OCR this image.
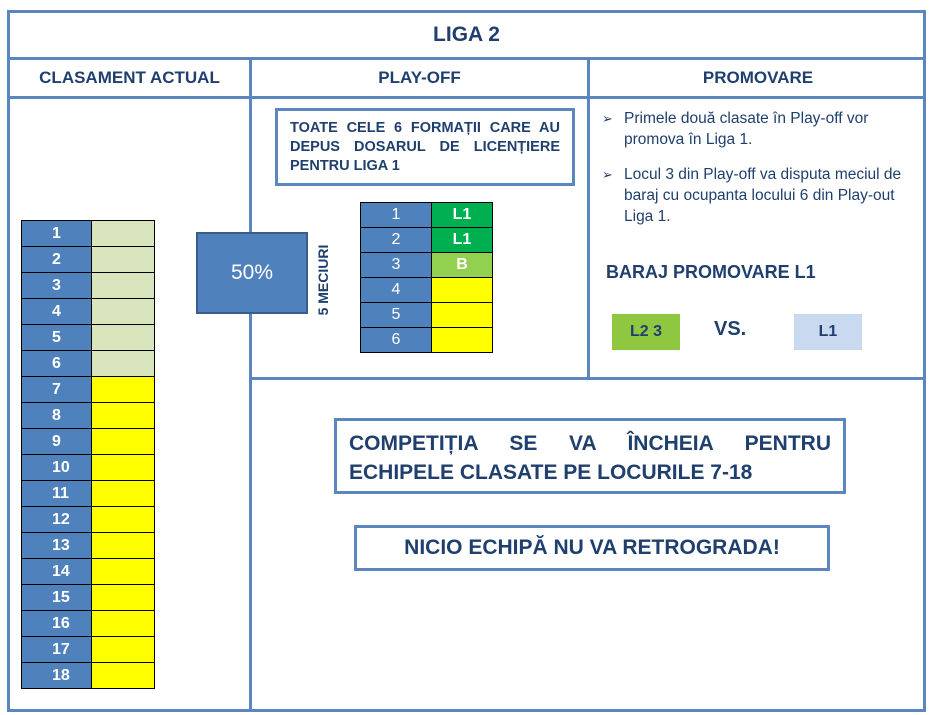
LIGA 2
CLASAMENT ACTUAL	PLAY-OFF	PROMOVARE
1	
2	
3	
4	
5	
6	
7	
8	
9	
10	
11	
12	
13	
14	
15	
16	
17	
18	
50%
TOATE CELE 6 FORMAȚII CARE AU DEPUS DOSARUL DE LICENȚIERE PENTRU LIGA 1
5 MECIURI
1	L1
2	L1
3	B
4	
5	
6	
➢ Primele două clasate în Play-off vor promova în Liga 1.
➢ Locul 3 din Play-off va disputa meciul de baraj cu ocupanta locului 6 din Play-out Liga 1.
BARAJ PROMOVARE L1
L2 3	VS.	L1
COMPETIȚIA SE VA ÎNCHEIA PENTRU ECHIPELE CLASATE PE LOCURILE 7-18
NICIO ECHIPĂ NU VA RETROGRADA!
